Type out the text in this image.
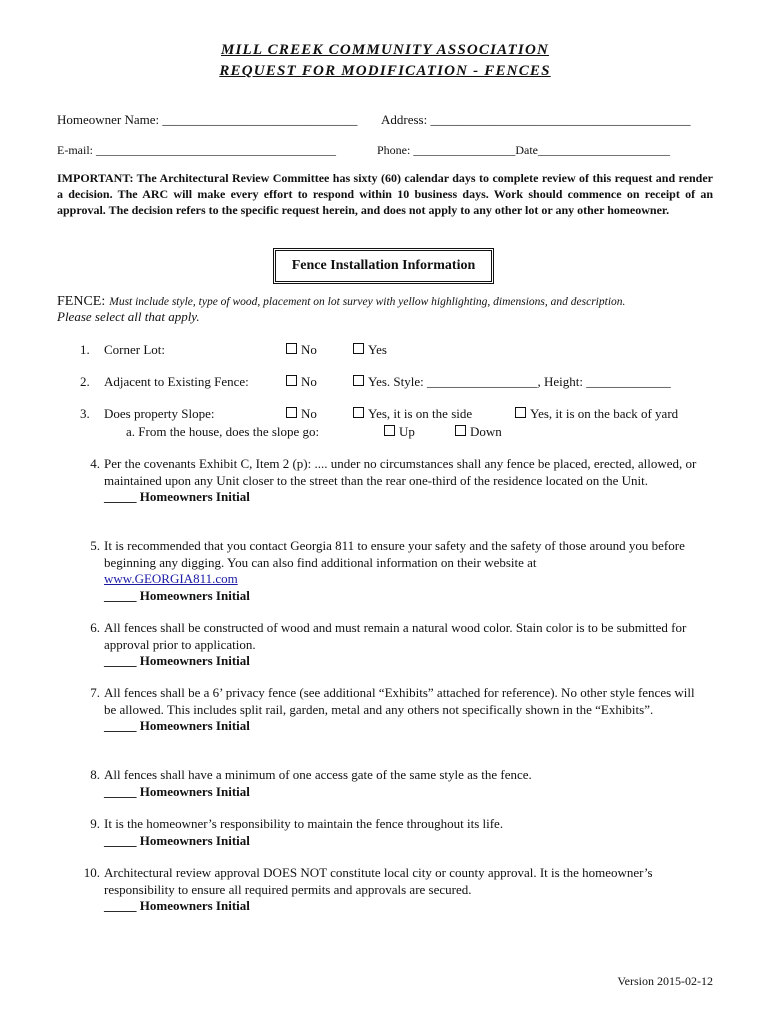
MILL CREEK COMMUNITY ASSOCIATION
REQUEST FOR MODIFICATION - FENCES
Homeowner Name: ______________________________ Address: ________________________________________
E-mail: ________________________________________	Phone: _________________Date______________________
IMPORTANT: The Architectural Review Committee has sixty (60) calendar days to complete review of this request and render a decision. The ARC will make every effort to respond within 10 business days. Work should commence on receipt of an approval. The decision refers to the specific request herein, and does not apply to any other lot or any other homeowner.
Fence Installation Information
FENCE: Must include style, type of wood, placement on lot survey with yellow highlighting, dimensions, and description.
Please select all that apply.
1. Corner Lot:	No	Yes
2. Adjacent to Existing Fence:	No	Yes. Style: _________________, Height: _____________
3. Does property Slope:	No	Yes, it is on the side	Yes, it is on the back of yard
a. From the house, does the slope go:	Up	Down
4. Per the covenants Exhibit C, Item 2 (p): .... under no circumstances shall any fence be placed, erected, allowed, or maintained upon any Unit closer to the street than the rear one-third of the residence located on the Unit.
_____ Homeowners Initial
5. It is recommended that you contact Georgia 811 to ensure your safety and the safety of those around you before beginning any digging. You can also find additional information on their website at
www.GEORGIA811.com
_____ Homeowners Initial
6. All fences shall be constructed of wood and must remain a natural wood color. Stain color is to be submitted for approval prior to application.
_____ Homeowners Initial
7. All fences shall be a 6’ privacy fence (see additional “Exhibits” attached for reference). No other style fences will be allowed. This includes split rail, garden, metal and any others not specifically shown in the “Exhibits”.
_____ Homeowners Initial
8. All fences shall have a minimum of one access gate of the same style as the fence.
_____ Homeowners Initial
9. It is the homeowner’s responsibility to maintain the fence throughout its life.
_____ Homeowners Initial
10. Architectural review approval DOES NOT constitute local city or county approval. It is the homeowner’s responsibility to ensure all required permits and approvals are secured.
_____ Homeowners Initial
Version 2015-02-12
